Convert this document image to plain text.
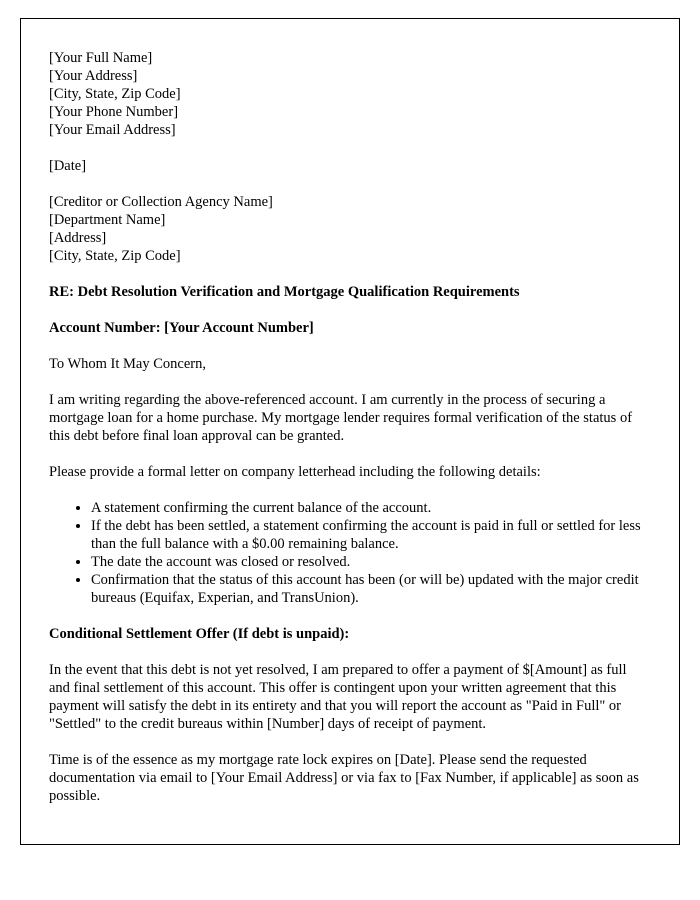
[Your Full Name]
[Your Address]
[City, State, Zip Code]
[Your Phone Number]
[Your Email Address]
[Date]
[Creditor or Collection Agency Name]
[Department Name]
[Address]
[City, State, Zip Code]
RE: Debt Resolution Verification and Mortgage Qualification Requirements
Account Number: [Your Account Number]
To Whom It May Concern,

I am writing regarding the above-referenced account. I am currently in the process of securing a mortgage loan for a home purchase. My mortgage lender requires formal verification of the status of this debt before final loan approval can be granted.

Please provide a formal letter on company letterhead including the following details:

• A statement confirming the current balance of the account.
• If the debt has been settled, a statement confirming the account is paid in full or settled for less than the full balance with a $0.00 remaining balance.
• The date the account was closed or resolved.
• Confirmation that the status of this account has been (or will be) updated with the major credit bureaus (Equifax, Experian, and TransUnion).
Conditional Settlement Offer (If debt is unpaid):

In the event that this debt is not yet resolved, I am prepared to offer a payment of $[Amount] as full and final settlement of this account. This offer is contingent upon your written agreement that this payment will satisfy the debt in its entirety and that you will report the account as "Paid in Full" or "Settled" to the credit bureaus within [Number] days of receipt of payment.

Time is of the essence as my mortgage rate lock expires on [Date]. Please send the requested documentation via email to [Your Email Address] or via fax to [Fax Number, if applicable] as soon as possible.
